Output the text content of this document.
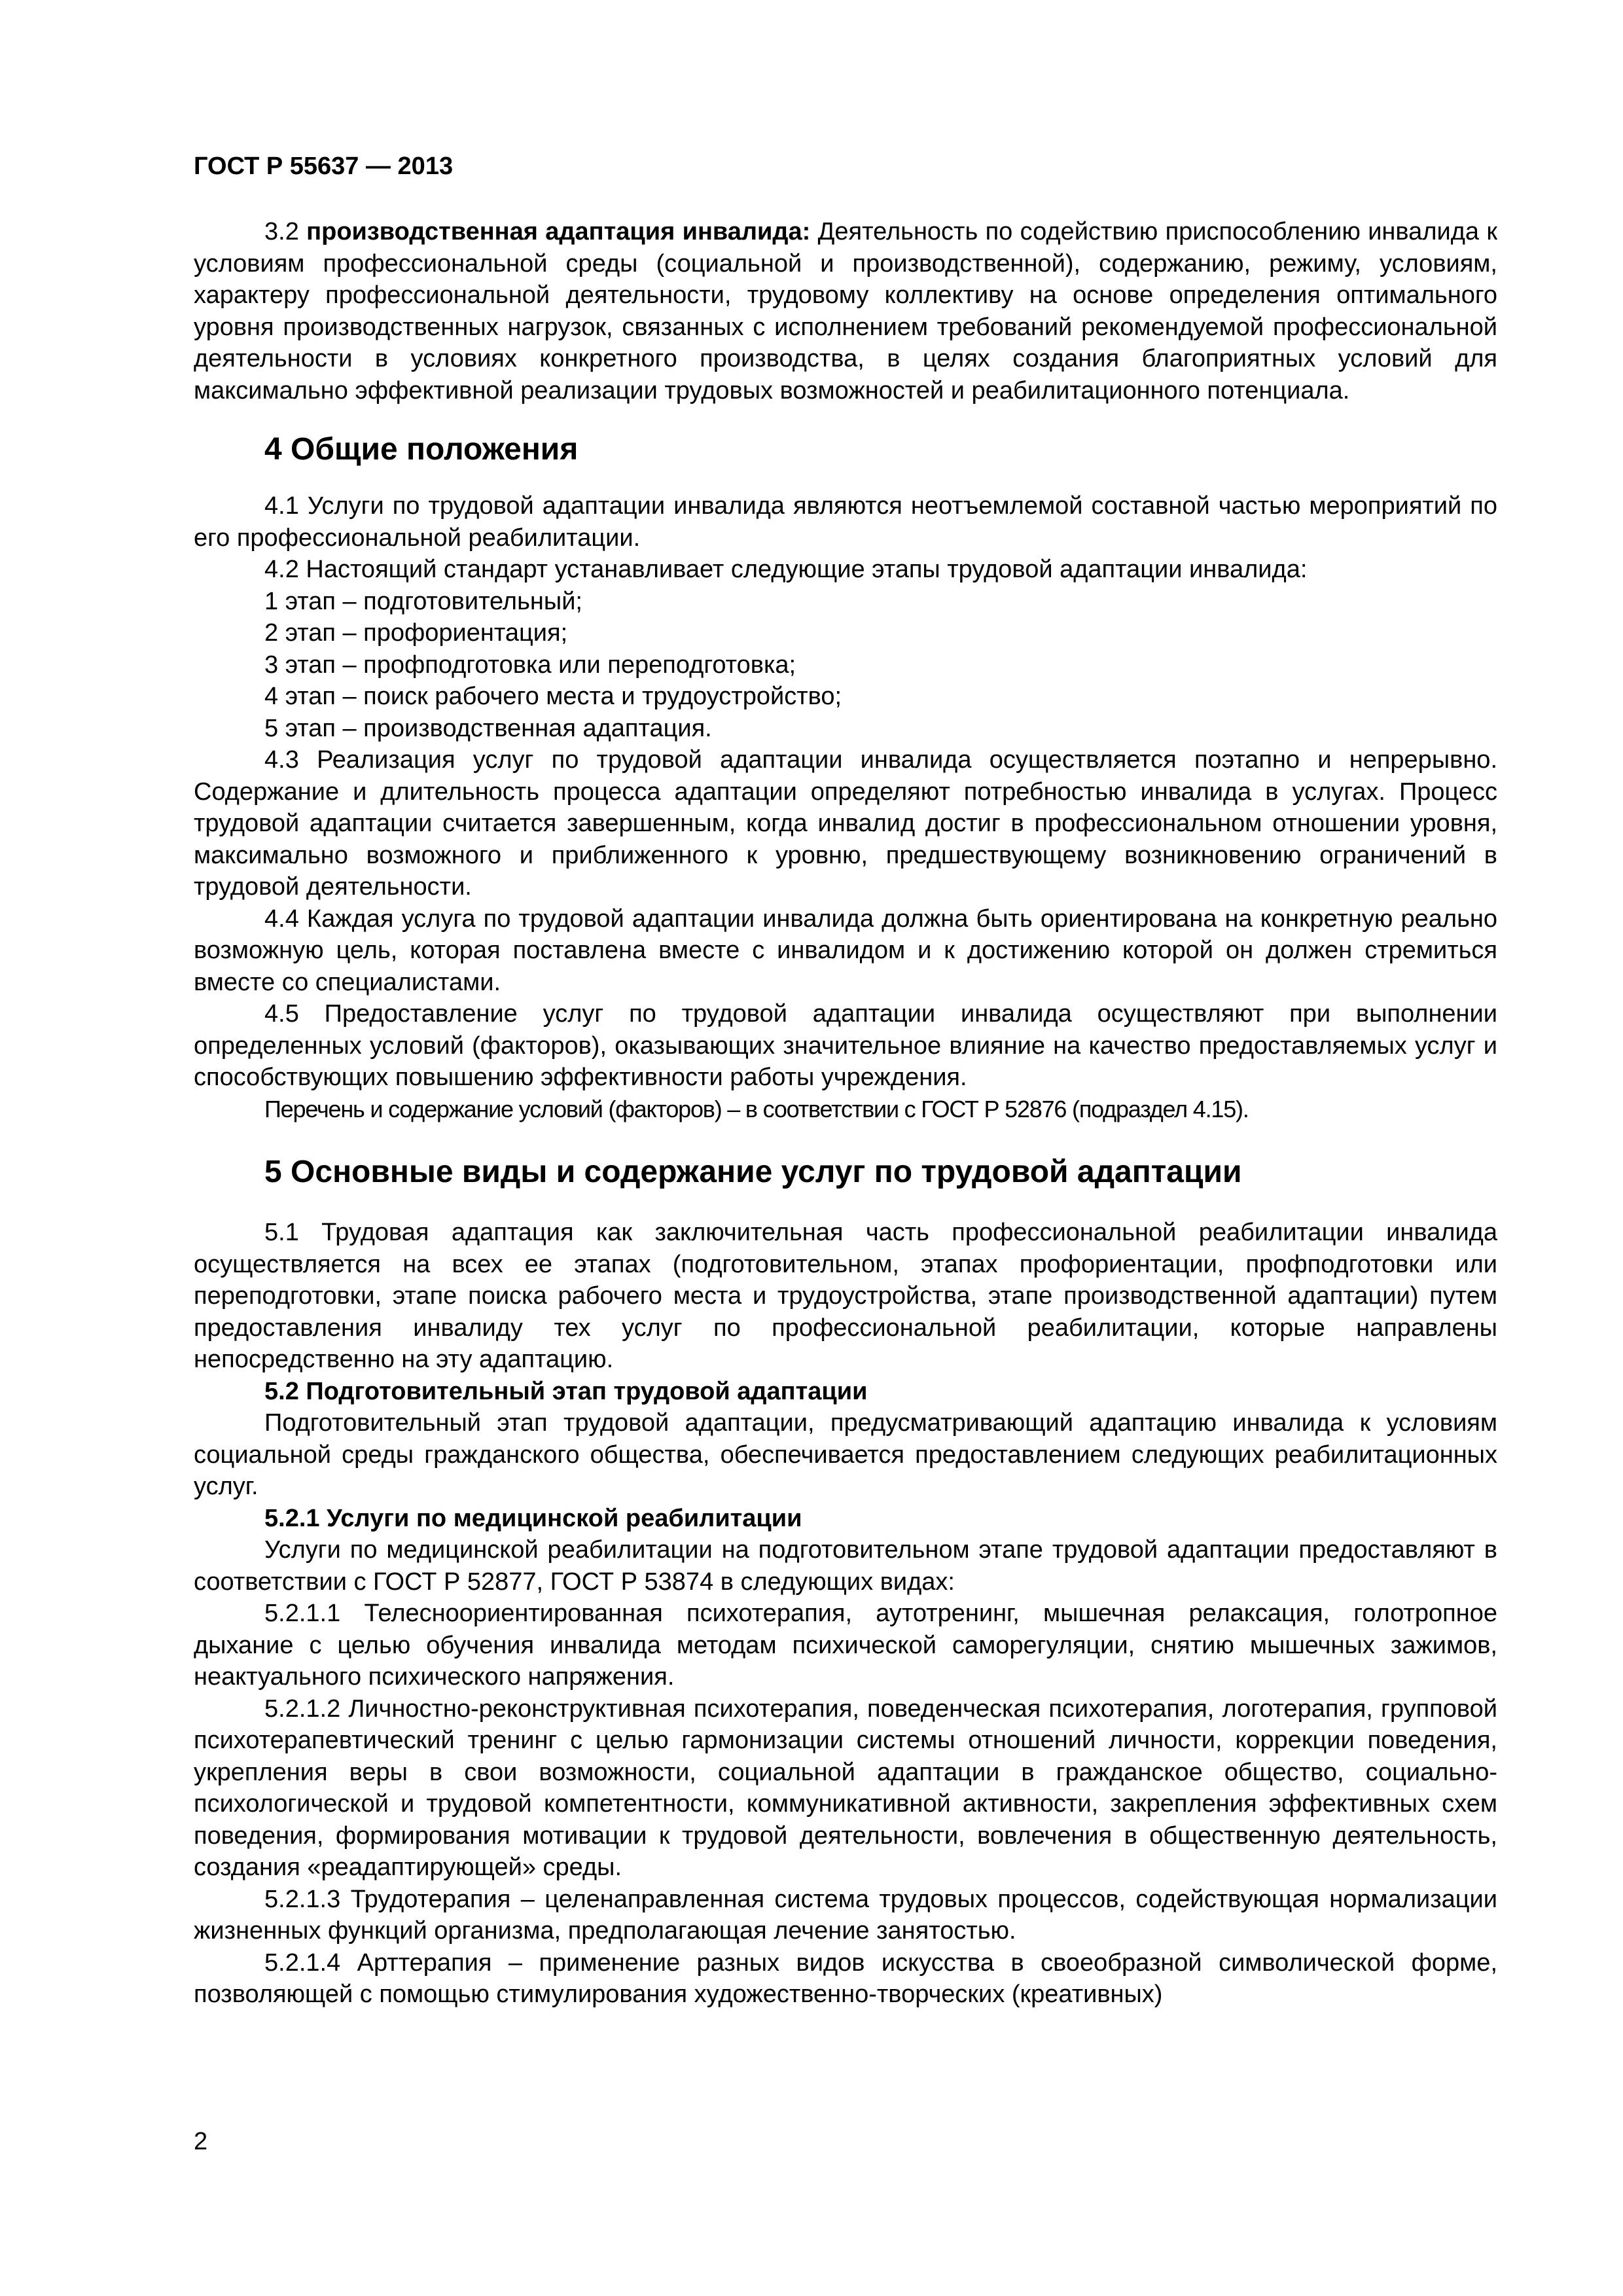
ГОСТ Р 55637 — 2013

3.2 производственная адаптация инвалида: Деятельность по содействию приспособлению инвалида к условиям профессиональной среды (социальной и производственной), содержанию, режиму, условиям, характеру профессиональной деятельности, трудовому коллективу на основе определения оптимального уровня производственных нагрузок, связанных с исполнением требований рекомендуемой профессиональной деятельности в условиях конкретного производства, в целях создания благоприятных условий для максимально эффективной реализации трудовых возможностей и реабилитационного потенциала.

4 Общие положения

4.1 Услуги по трудовой адаптации инвалида являются неотъемлемой составной частью мероприятий по его профессиональной реабилитации.

4.2 Настоящий стандарт устанавливает следующие этапы трудовой адаптации инвалида:

1 этап – подготовительный;

2 этап – профориентация;

3 этап – профподготовка или переподготовка;

4 этап – поиск рабочего места и трудоустройство;

5 этап – производственная адаптация.

4.3 Реализация услуг по трудовой адаптации инвалида осуществляется поэтапно и непрерывно. Содержание и длительность процесса адаптации определяют потребностью инвалида в услугах. Процесс трудовой адаптации считается завершенным, когда инвалид достиг в профессиональном отношении уровня, максимально возможного и приближенного к уровню, предшествующему возникновению ограничений в трудовой деятельности.

4.4 Каждая услуга по трудовой адаптации инвалида должна быть ориентирована на конкретную реально возможную цель, которая поставлена вместе с инвалидом и к достижению которой он должен стремиться вместе со специалистами.

4.5 Предоставление услуг по трудовой адаптации инвалида осуществляют при выполнении определенных условий (факторов), оказывающих значительное влияние на качество предоставляемых услуг и способствующих повышению эффективности работы учреждения.

Перечень и содержание условий (факторов) – в соответствии с ГОСТ Р 52876 (подраздел 4.15).

5 Основные виды и содержание услуг по трудовой адаптации

5.1 Трудовая адаптация как заключительная часть профессиональной реабилитации инвалида осуществляется на всех ее этапах (подготовительном, этапах профориентации, профподготовки или переподготовки, этапе поиска рабочего места и трудоустройства, этапе производственной адаптации) путем предоставления инвалиду тех услуг по профессиональной реабилитации, которые направлены непосредственно на эту адаптацию.

5.2 Подготовительный этап трудовой адаптации

Подготовительный этап трудовой адаптации, предусматривающий адаптацию инвалида к условиям социальной среды гражданского общества, обеспечивается предоставлением следующих реабилитационных услуг.

5.2.1 Услуги по медицинской реабилитации

Услуги по медицинской реабилитации на подготовительном этапе трудовой адаптации предоставляют в соответствии с ГОСТ Р 52877, ГОСТ Р 53874 в следующих видах:

5.2.1.1 Телесноориентированная психотерапия, аутотренинг, мышечная релаксация, голотропное дыхание с целью обучения инвалида методам психической саморегуляции, снятию мышечных зажимов, неактуального психического напряжения.

5.2.1.2 Личностно-реконструктивная психотерапия, поведенческая психотерапия, логотерапия, групповой психотерапевтический тренинг с целью гармонизации системы отношений личности, коррекции поведения, укрепления веры в свои возможности, социальной адаптации в гражданское общество, социально-психологической и трудовой компетентности, коммуникативной активности, закрепления эффективных схем поведения, формирования мотивации к трудовой деятельности, вовлечения в общественную деятельность, создания «реадаптирующей» среды.

5.2.1.3 Трудотерапия – целенаправленная система трудовых процессов, содействующая нормализации жизненных функций организма, предполагающая лечение занятостью.

5.2.1.4 Арттерапия – применение разных видов искусства в своеобразной символической форме, позволяющей с помощью стимулирования художественно-творческих (креативных)

2
